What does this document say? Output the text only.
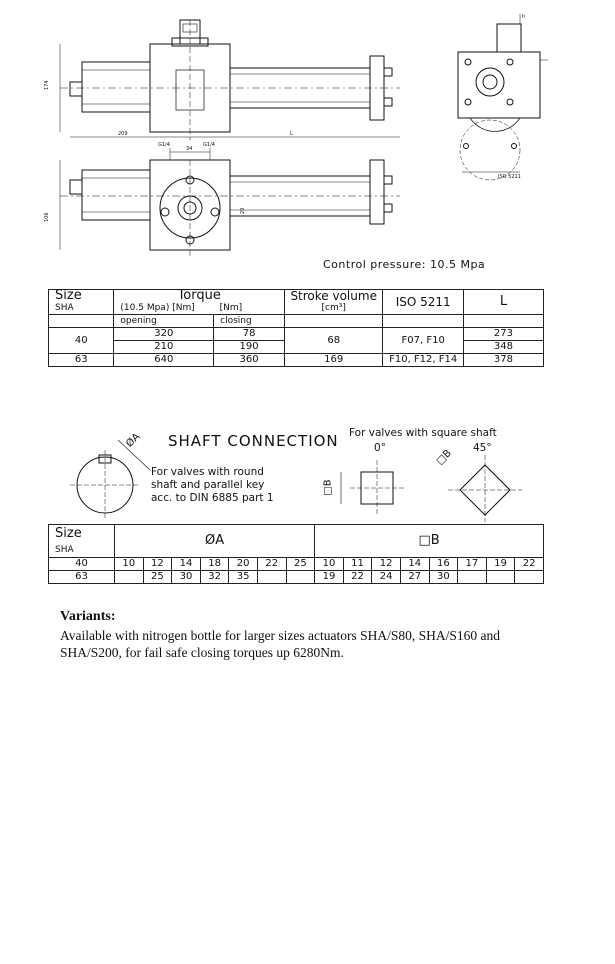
174
209	L
ISO 5211
h
G1/4	G1/4
34
106
20
Control pressure: 10.5 Mpa
Size	Torque		Stroke volume	ISO 5211	L
SHA	(10.5 Mpa) [Nm]	[Nm]	[cm³]		
	opening	closing			
40	320	78	68	F07, F10	273
	210	190			348
63	640	360	169	F10, F12, F14	378
SHAFT CONNECTION For valves with square shaft
0°	45°
For valves with round
shaft and parallel key
acc. to DIN 6885 part 1
ØA
□B
□B
Size	ØA							□B							
SHA															
40	10	12	14	18	20	22	25	10	11	12	14	16	17	19	22
63		25	30	32	35			19	22	24	27	30			
Variants:
Available with nitrogen bottle for larger sizes actuators SHA/S80, SHA/S160 and SHA/S200, for fail safe closing torques up 6280Nm.
